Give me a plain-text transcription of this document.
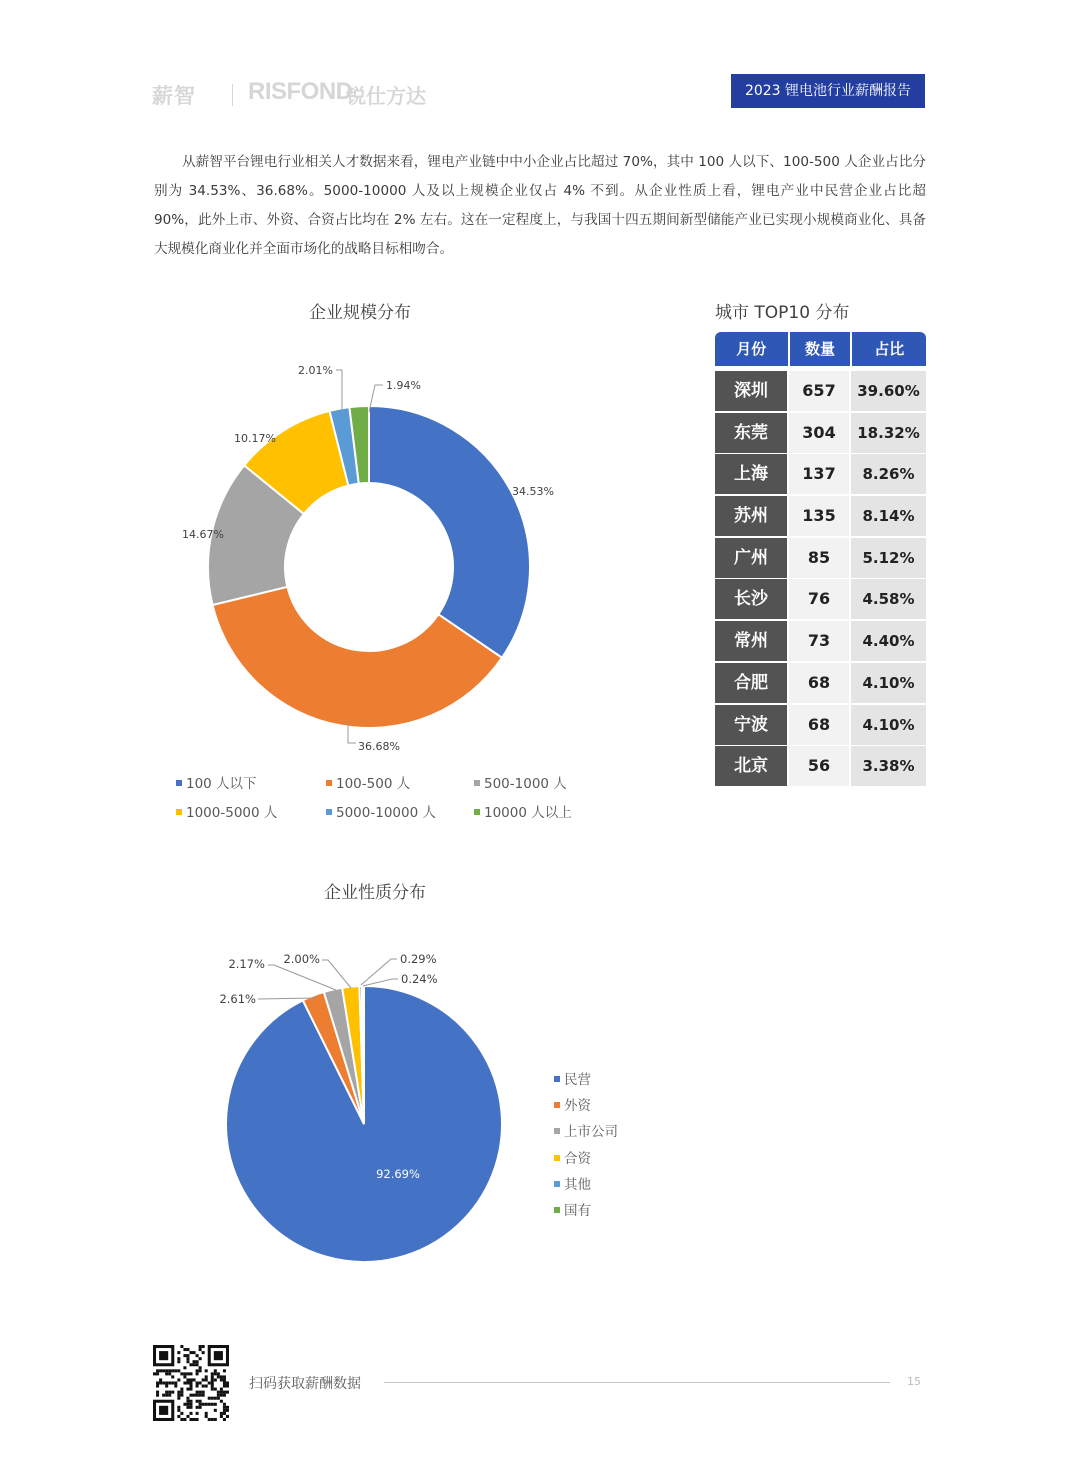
薪智 RISFOND
锐仕方达	2023 锂电池行业薪酬报告
从薪智平台锂电行业相关人才数据来看，锂电产业链中中小企业占比超过 70%，其中 100 人以下、100-500 人企业占比分别为 34.53%、36.68%。5000-10000 人及以上规模企业仅占 4% 不到。从企业性质上看，锂电产业中民营企业占比超90%，此外上市、外资、合资占比均在 2% 左右。这在一定程度上，与我国十四五期间新型储能产业已实现小规模商业化、具备大规模化商业化并全面市场化的战略目标相吻合。
企业规模分布
34.53%
36.68%
14.67%
10.17%
2.01%
1.94%
100 人以下	100-500 人	500-1000 人
1000-5000 人	5000-10000 人	10000 人以上
企业性质分布
92.69%
2.61%
2.17% 2.00%	0.29%
0.24%
民营
外资
上市公司
合资
其他
国有
城市 TOP10 分布
月份	数量	占比
深圳	657	39.60%
东莞	304	18.32%
上海	137	8.26%
苏州	135	8.14%
广州	85	5.12%
长沙	76	4.58%
常州	73	4.40%
合肥	68	4.10%
宁波	68	4.10%
北京	56	3.38%
扫码获取薪酬数据	15
